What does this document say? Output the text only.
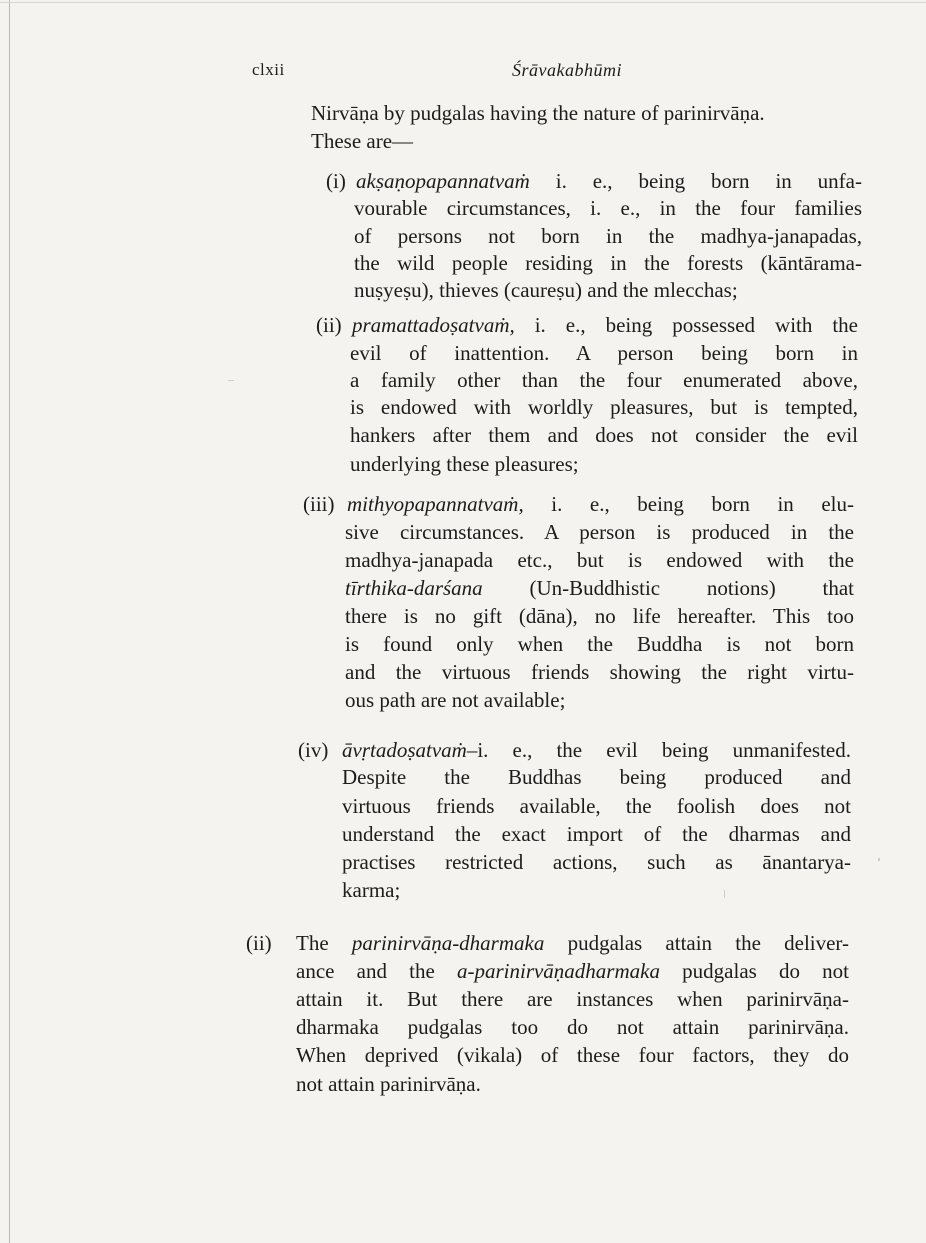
clxii	Śrāvakabhūmi
Nirvāṇa by pudgalas having the nature of parinirvāṇa.
These are—
(i) akṣaṇopapannatvaṁ i. e., being born in unfa-
vourable circumstances, i. e., in the four families
of persons not born in the madhya-janapadas,
the wild people residing in the forests (kāntārama-
nuṣyeṣu), thieves (caureṣu) and the mlecchas;
(ii) pramattadoṣatvaṁ, i. e., being possessed with the
evil of inattention. A person being born in
a family other than the four enumerated above,
is endowed with worldly pleasures, but is tempted,
hankers after them and does not consider the evil
underlying these pleasures;
(iii) mithyopapannatvaṁ, i. e., being born in elu-
sive circumstances. A person is produced in the
madhya-janapada etc., but is endowed with the
tīrthika-darśana (Un-Buddhistic notions) that
there is no gift (dāna), no life hereafter. This too
is found only when the Buddha is not born
and the virtuous friends showing the right virtu-
ous path are not available;
(iv) āvṛtadoṣatvaṁ–i. e., the evil being unmanifested.
Despite the Buddhas being produced and
virtuous friends available, the foolish does not
understand the exact import of the dharmas and
practises restricted actions, such as ānantarya-
karma;
(ii) The parinirvāṇa-dharmaka pudgalas attain the deliver-
ance and the a-parinirvāṇadharmaka pudgalas do not
attain it. But there are instances when parinirvāṇa-
dharmaka pudgalas too do not attain parinirvāṇa.
When deprived (vikala) of these four factors, they do
not attain parinirvāṇa.
